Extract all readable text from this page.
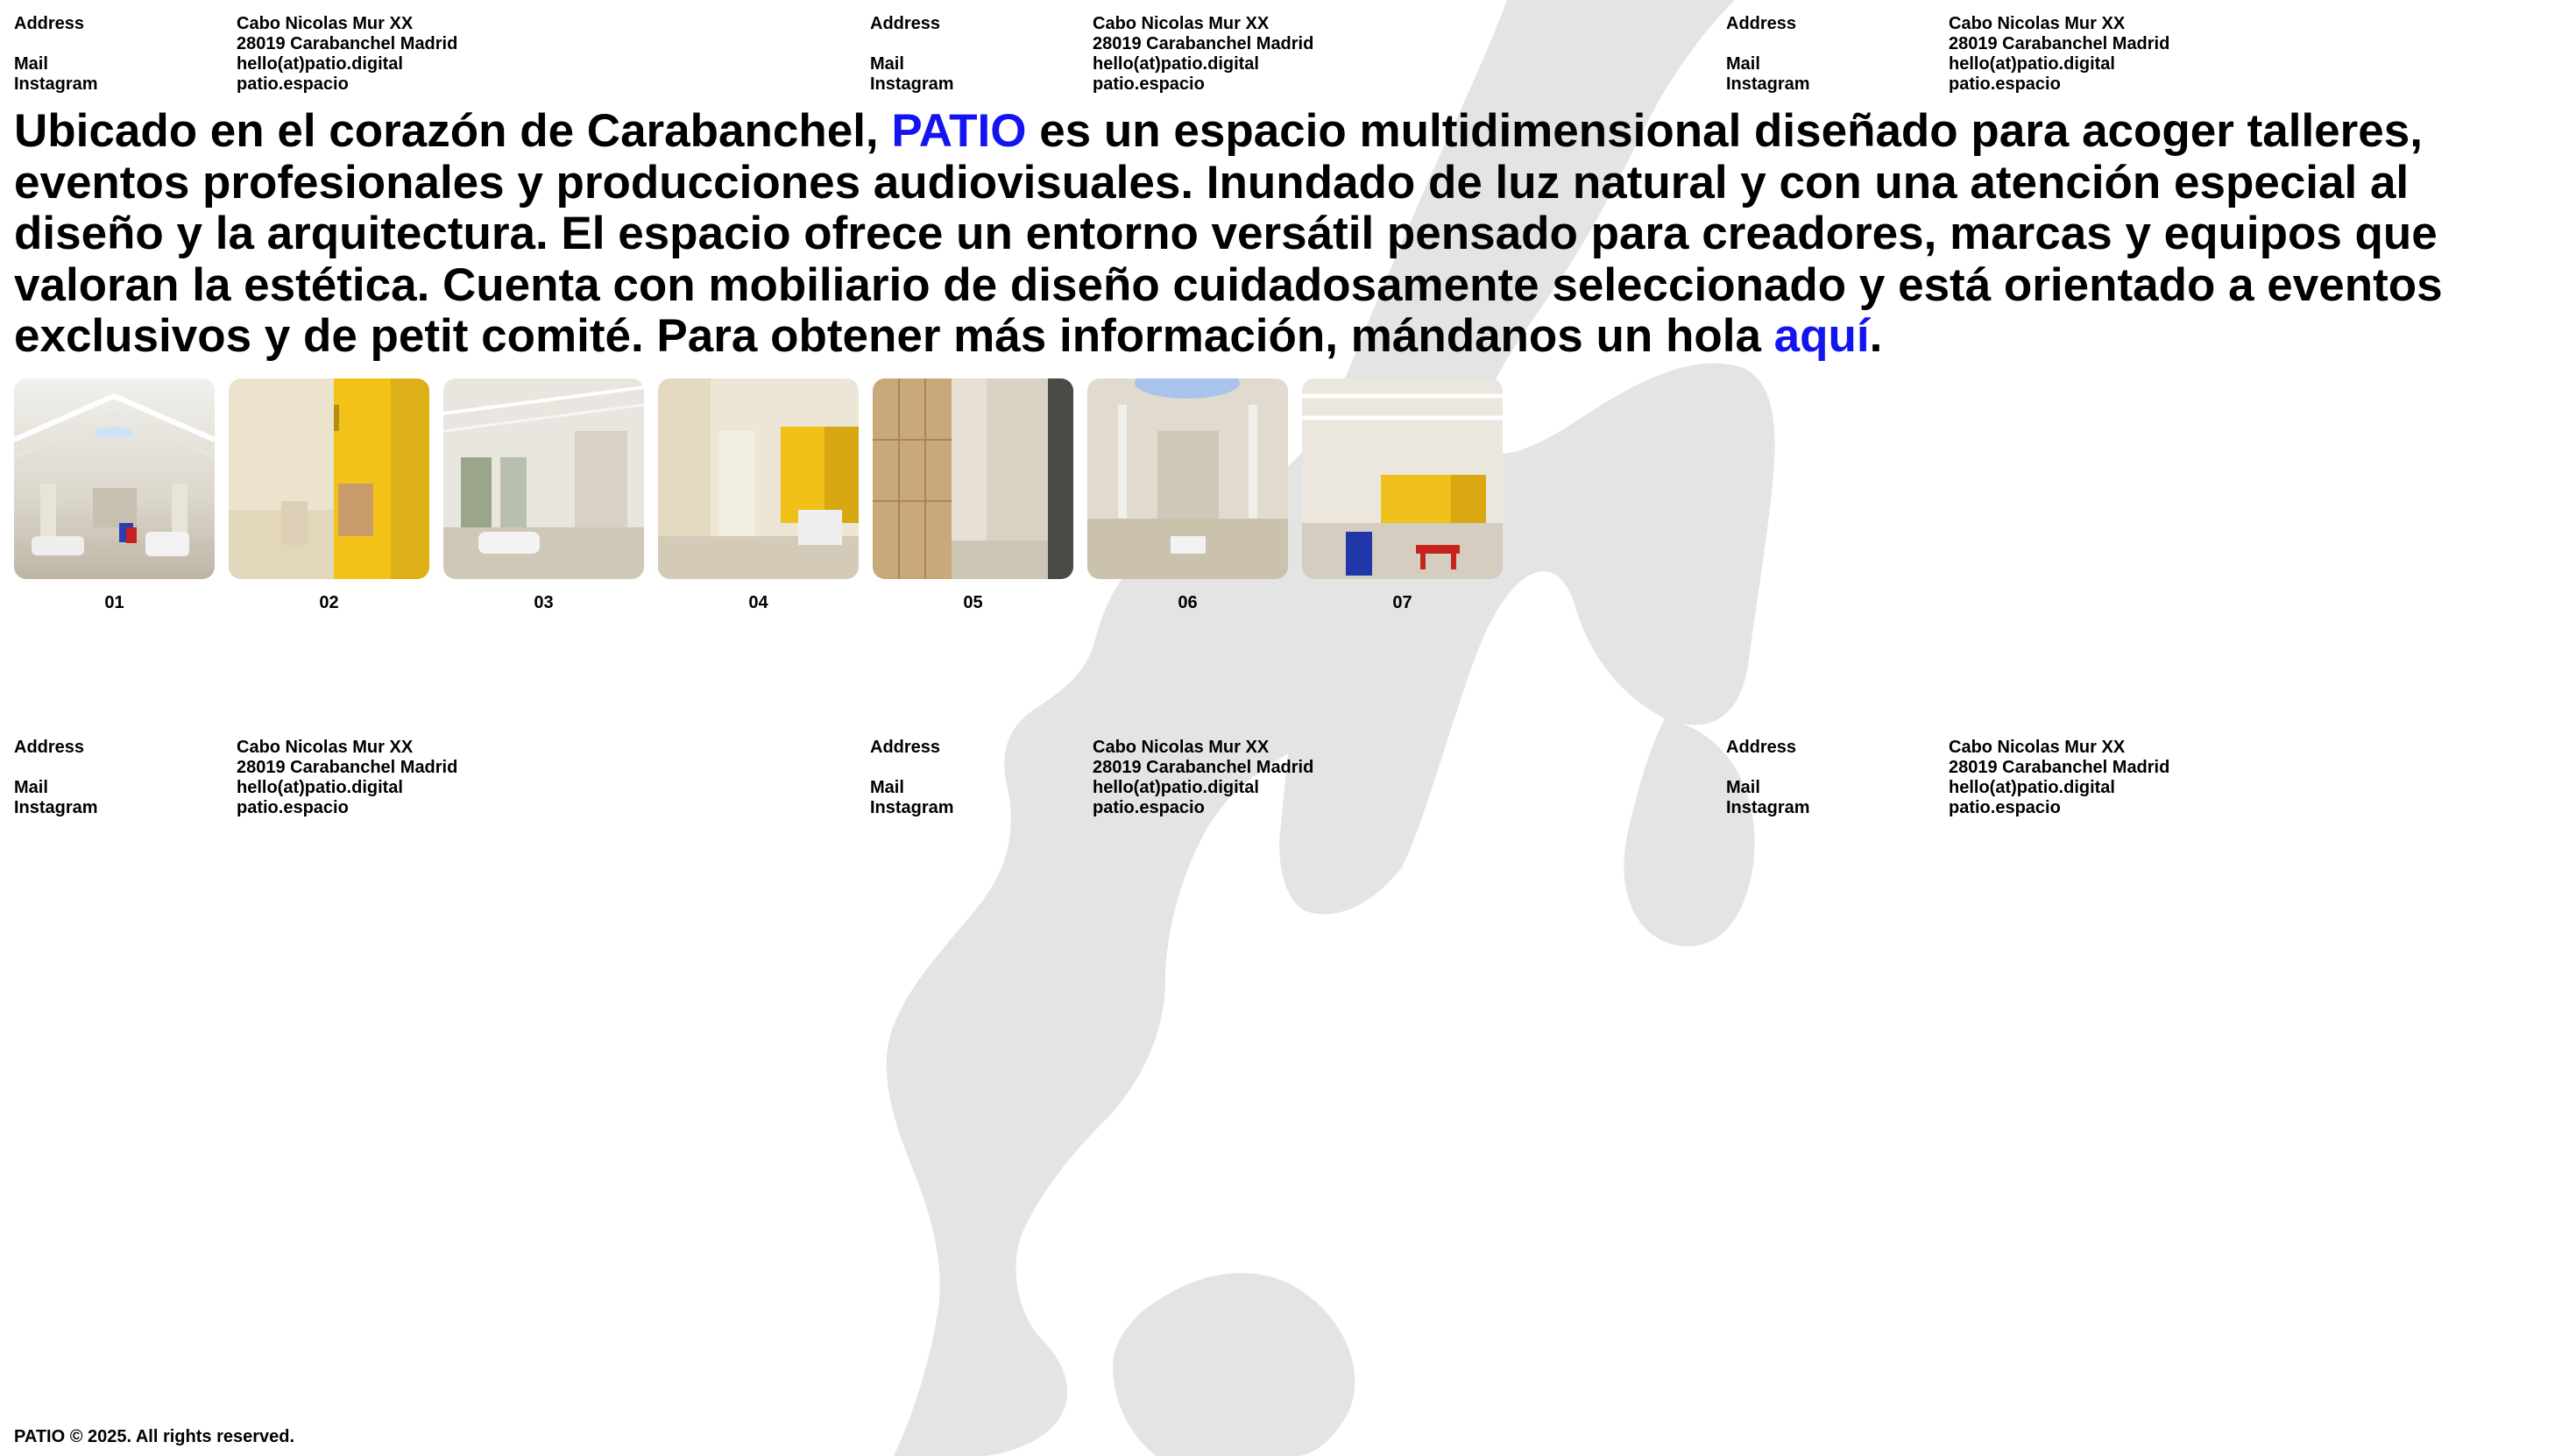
Address	Cabo Nicolas Mur XX
28019 Carabanchel Madrid
Mail	hello(at)patio.digital
Instagram	patio.espacio
Address	Cabo Nicolas Mur XX
28019 Carabanchel Madrid
Mail	hello(at)patio.digital
Instagram	patio.espacio
Address	Cabo Nicolas Mur XX
28019 Carabanchel Madrid
Mail	hello(at)patio.digital
Instagram	patio.espacio

Ubicado en el corazón de Carabanchel, PATIO es un espacio multidimensional diseñado para acoger talleres, eventos profesionales y producciones audiovisuales. Inundado de luz natural y con una atención especial al diseño y la arquitectura. El espacio ofrece un entorno versátil pensado para creadores, marcas y equipos que valoran la estética. Cuenta con mobiliario de diseño cuidadosamente seleccionado y está orientado a eventos exclusivos y de petit comité. Para obtener más información, mándanos un hola aquí.

01	02	03	04	05	06	07
Address	Cabo Nicolas Mur XX
28019 Carabanchel Madrid
Mail	hello(at)patio.digital
Instagram	patio.espacio
Address	Cabo Nicolas Mur XX
28019 Carabanchel Madrid
Mail	hello(at)patio.digital
Instagram	patio.espacio
Address	Cabo Nicolas Mur XX
28019 Carabanchel Madrid
Mail	hello(at)patio.digital
Instagram	patio.espacio
PATIO © 2025. All rights reserved.
